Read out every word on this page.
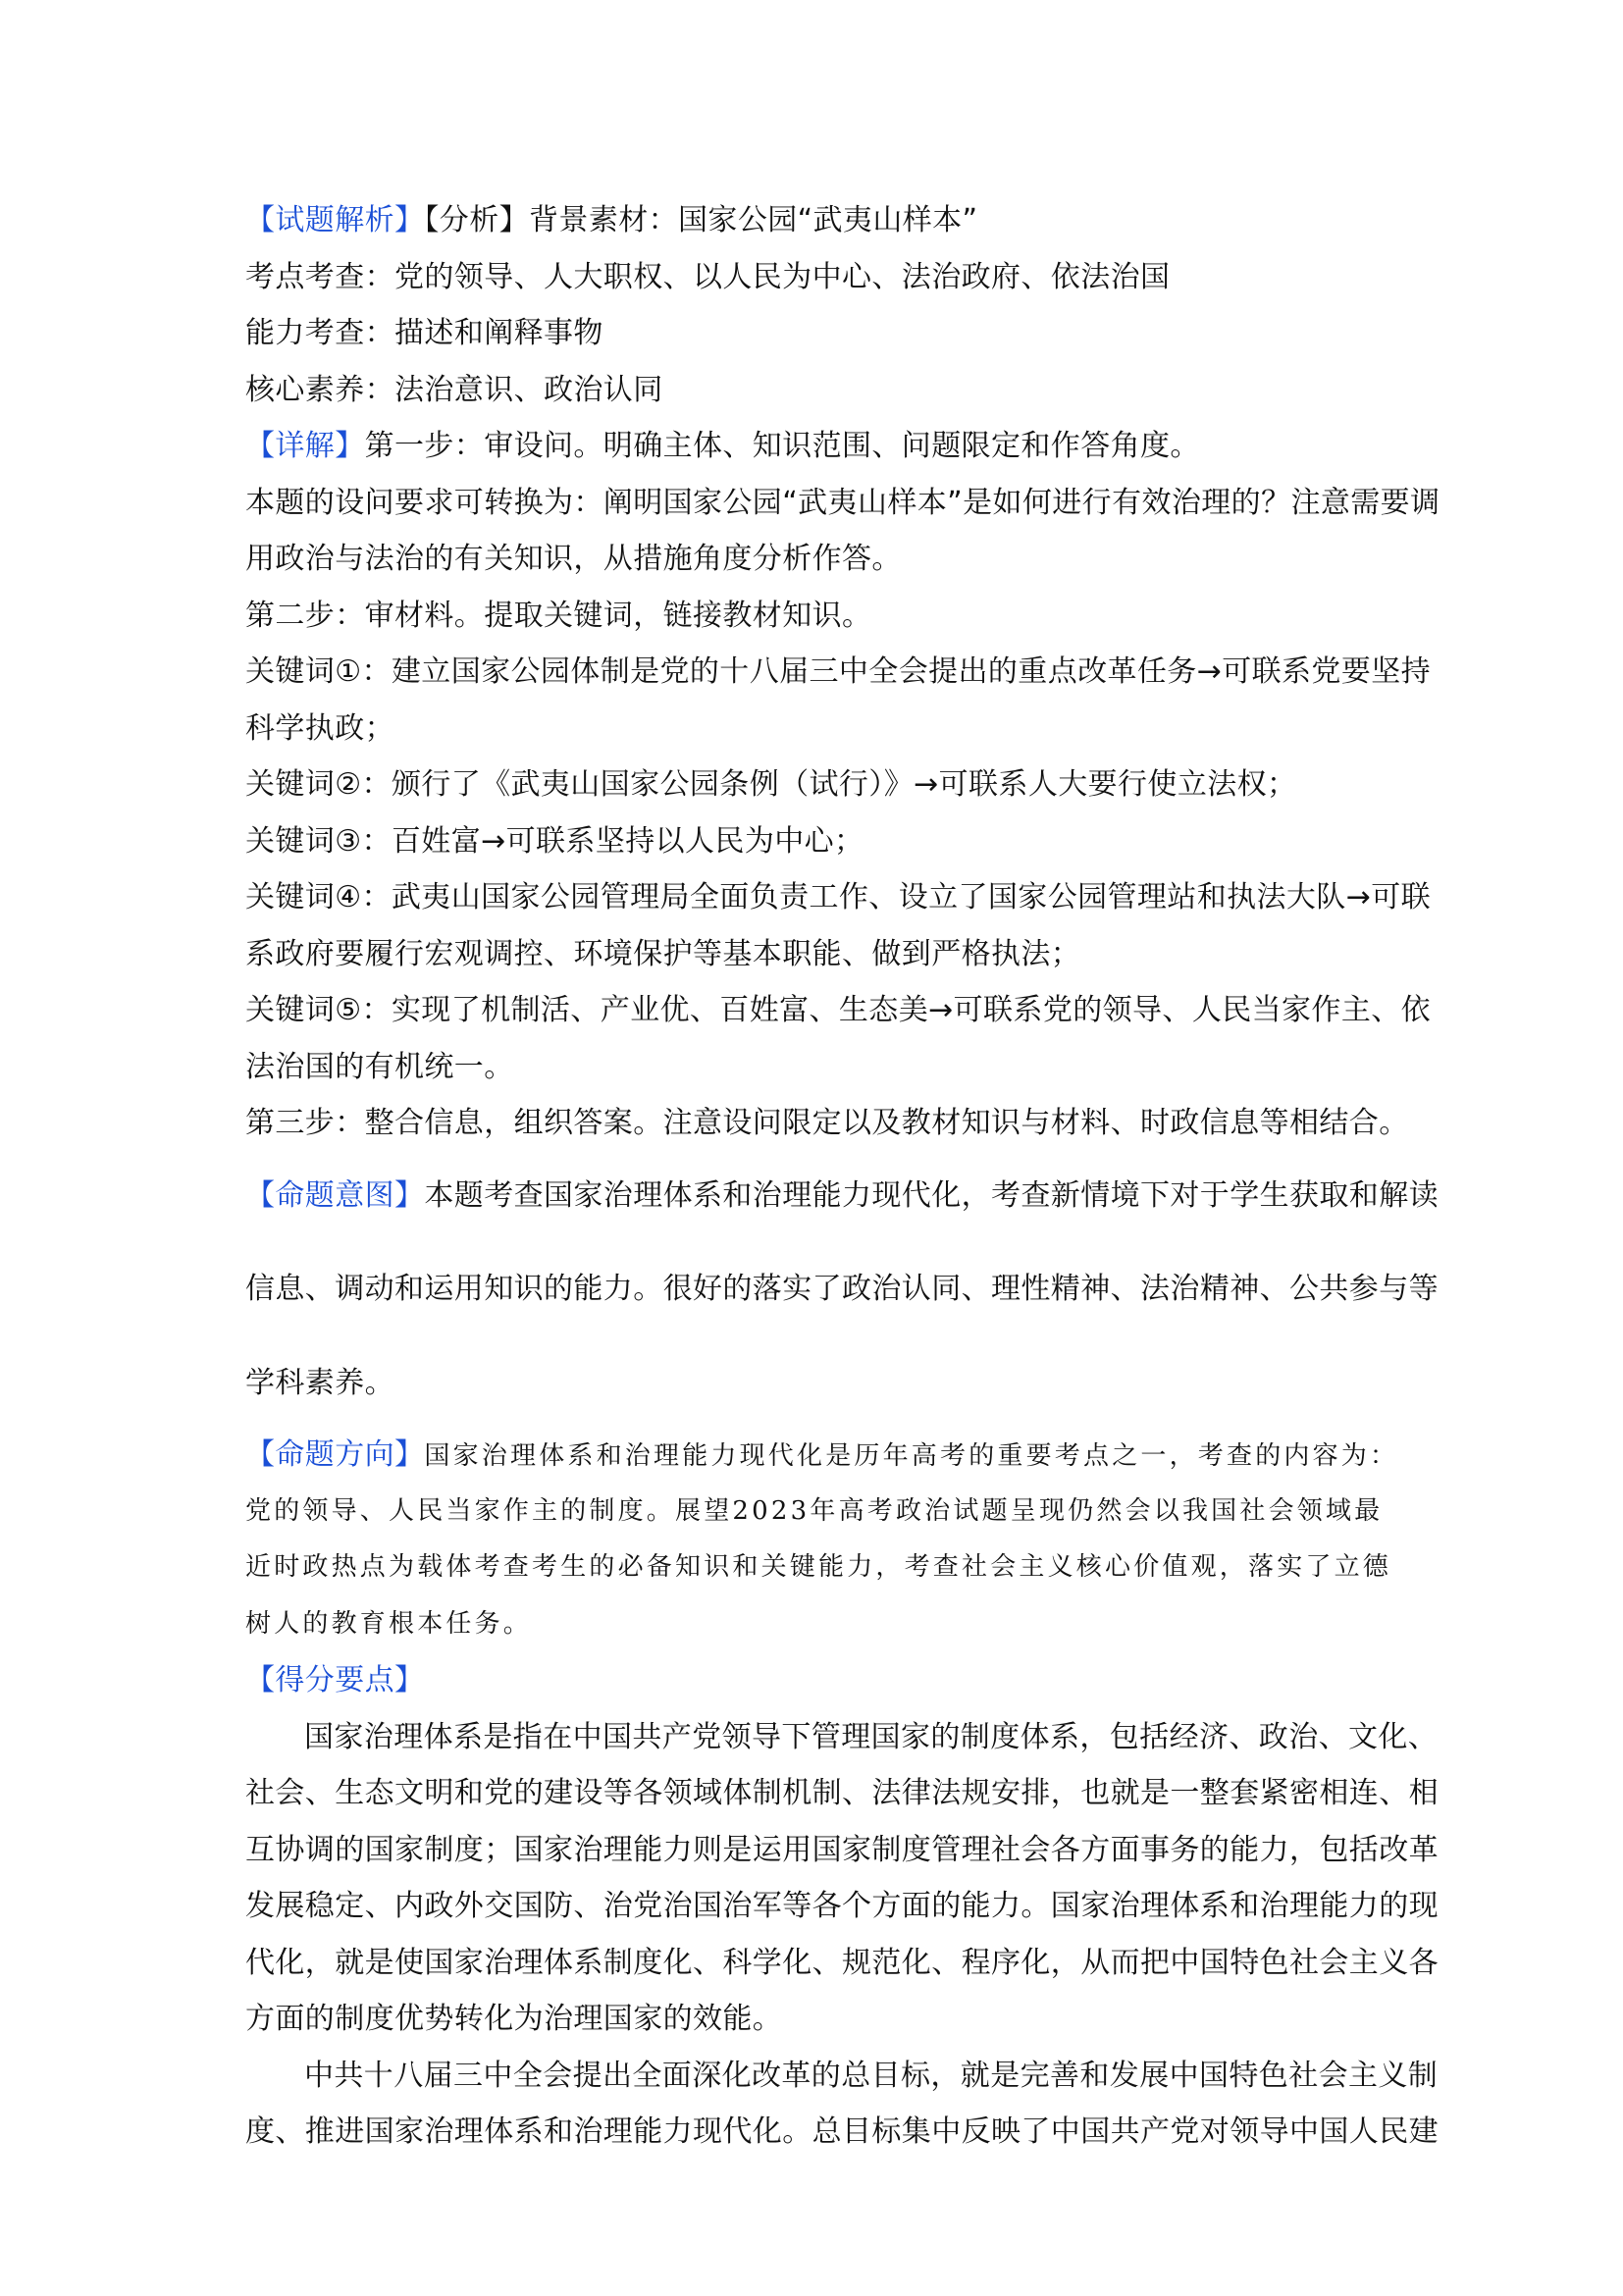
【试题解析】【分析】背景素材：国家公园“武夷山样本”
考点考查：党的领导、人大职权、以人民为中心、法治政府、依法治国
能力考查：描述和阐释事物
核心素养：法治意识、政治认同
【详解】第一步：审设问。明确主体、知识范围、问题限定和作答角度。
本题的设问要求可转换为：阐明国家公园“武夷山样本”是如何进行有效治理的？注意需要调
用政治与法治的有关知识，从措施角度分析作答。
第二步：审材料。提取关键词，链接教材知识。
关键词①：建立国家公园体制是党的十八届三中全会提出的重点改革任务→可联系党要坚持
科学执政；
关键词②：颁行了《武夷山国家公园条例（试行）》→可联系人大要行使立法权；
关键词③：百姓富→可联系坚持以人民为中心；
关键词④：武夷山国家公园管理局全面负责工作、设立了国家公园管理站和执法大队→可联
系政府要履行宏观调控、环境保护等基本职能、做到严格执法；
关键词⑤：实现了机制活、产业优、百姓富、生态美→可联系党的领导、人民当家作主、依
法治国的有机统一。
第三步：整合信息，组织答案。注意设问限定以及教材知识与材料、时政信息等相结合。
【命题意图】本题考查国家治理体系和治理能力现代化，考查新情境下对于学生获取和解读
信息、调动和运用知识的能力。很好的落实了政治认同、理性精神、法治精神、公共参与等
学科素养。
【命题方向】国家治理体系和治理能力现代化是历年高考的重要考点之一，考查的内容为：
党的领导、人民当家作主的制度。展望2023年高考政治试题呈现仍然会以我国社会领域最
近时政热点为载体考查考生的必备知识和关键能力，考查社会主义核心价值观，落实了立德
树人的教育根本任务。
【得分要点】
国家治理体系是指在中国共产党领导下管理国家的制度体系，包括经济、政治、文化、
社会、生态文明和党的建设等各领域体制机制、法律法规安排，也就是一整套紧密相连、相
互协调的国家制度；国家治理能力则是运用国家制度管理社会各方面事务的能力，包括改革
发展稳定、内政外交国防、治党治国治军等各个方面的能力。国家治理体系和治理能力的现
代化，就是使国家治理体系制度化、科学化、规范化、程序化，从而把中国特色社会主义各
方面的制度优势转化为治理国家的效能。
中共十八届三中全会提出全面深化改革的总目标，就是完善和发展中国特色社会主义制
度、推进国家治理体系和治理能力现代化。总目标集中反映了中国共产党对领导中国人民建
